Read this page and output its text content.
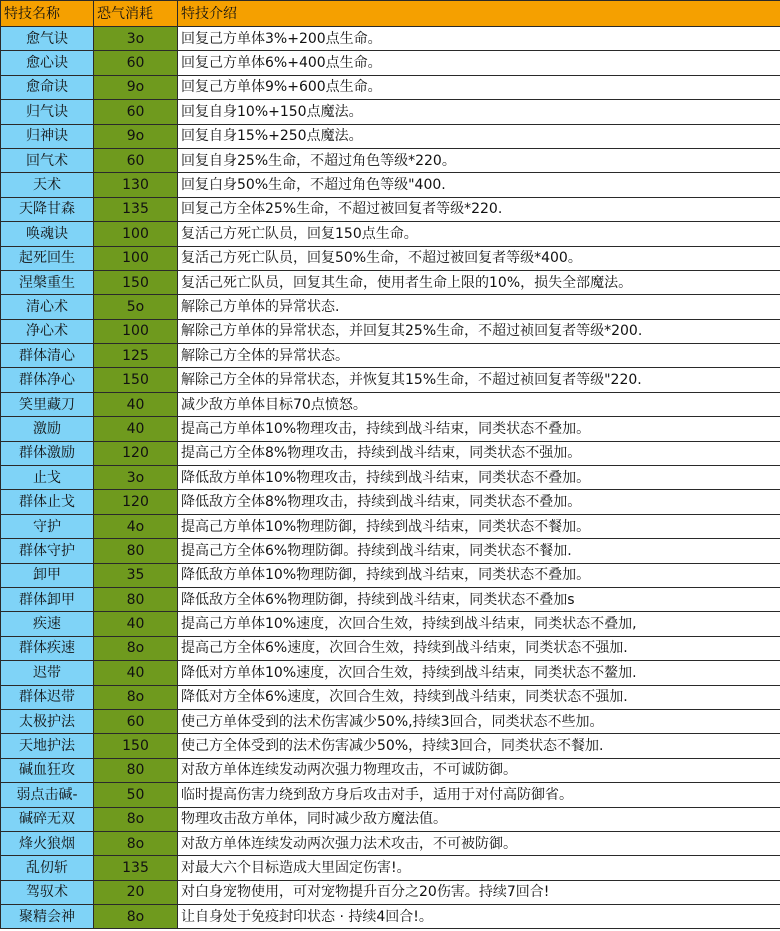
特技名称	恐气消耗	特技介绍
愈气诀	3o	回复己方单体3%+200点生命。
愈心诀	60	回复己方单体6%+400点生命。
愈命诀	9o	回复己方单体9%+600点生命。
归气诀	60	回复自身10%+150点魔法。
归神诀	9o	回复自身15%+250点魔法。
回气术	60	回复自身25%生命，不超过角色等级*220。
天术	130	回复白身50%生命，不超过角色等级"400.
天降甘森	135	回复己方全体25%生命，不超过被回复者等级*220.
唤魂诀	100	复活己方死亡队员，回复150点生命。
起死回生	100	复活己方死亡队员，回复50%生命，不超过被回复者等级*400。
涅槃重生	150	复活己死亡队员，回复其生命，使用者生命上限的10%，损失全部魔法。
清心术	5o	解除己方单体的异常状态.
净心术	100	解除己方单体的异常状态，并回复其25%生命，不超过祯回复者等级*200.
群体清心	125	解除己方全体的异常状态。
群体净心	150	解除己方全体的异常状态，并恢复其15%生命，不超过祯回复者等级"220.
笑里藏刀	40	减少敌方单体目标70点愤怒。
激励	40	提高己方单体10%物理攻击，持续到战斗结束，同类状态不叠加。
群体激励	120	提高己方全体8%物理攻击，持续到战斗结束，同类状态不强加。
止戈	3o	降低敌方单体10%物理攻击，持续到战斗结束，同类状态不叠加。
群体止戈	120	降低敌方全体8%物理攻击，持续到战斗结束，同类状态不叠加。
守护	4o	提高己方单体10%物理防御，持续到战斗结束，同类状态不餐加。
群体守护	80	提高己方全体6%物理防御。持续到战斗结束，同类状态不餐加.
卸甲	35	降低敌方单体10%物理防御，持续到战斗结束，同类状态不叠加。
群体卸甲	80	降低敌方全体6%物理防御，持续到战斗结束，同类状态不叠加s
疾速	40	提高己方单体10%速度，次回合生效，持续到战斗结束，同类状态不叠加,
群体疾速	8o	提高己方全体6%速度，次回合生效，持续到战斗结束，同类状态不强加.
迟带	40	降低对方单体10%速度，次回合生效，持续到战斗结束，同类状态不鳌加.
群体迟带	8o	降低对方全体6%速度，次回合生效，持续到战斗结束，同类状态不强加.
太极护法	60	使己方单体受到的法术伤害减少50%,持续3回合，同类状态不些加。
天地护法	150	使己方全体受到的法术伤害减少50%，持续3回合，同类状态不餐加.
碱血狂攻	80	对敌方单体连续发动两次强力物理攻击，不可诚防御。
弱点击碱-	50	临时提高伤害力绕到敌方身后攻击对手，适用于对付高防御省。
碱碎无双	8o	物理攻击敌方单体，同时减少敌方魔法值。
烽火狼烟	8o	对敌方单体连续发动两次强力法术攻击，不可被防御。
乱仞斩	135	对最大六个目标造成大里固定伤害!。
驾驭术	20	对白身宠物使用，可对宠物提升百分之20伤害。持续7回合!
聚精会神	8o	让自身处于免疫封印状态 · 持续4回合!。
